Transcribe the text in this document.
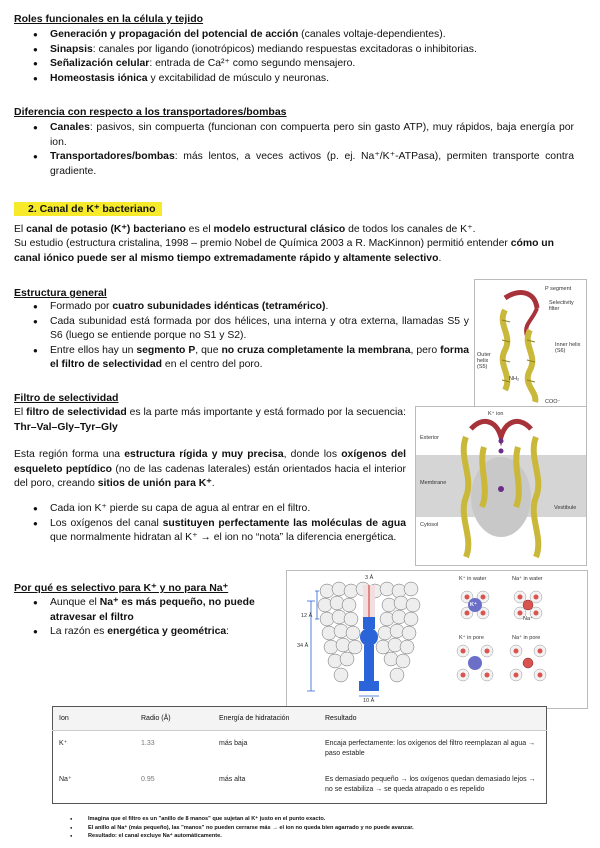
Roles funcionales en la célula y tejido
● Generación y propagación del potencial de acción (canales voltaje-dependientes).
● Sinapsis: canales por ligando (ionotrópicos) mediando respuestas excitadoras o inhibitorias.
● Señalización celular: entrada de Ca²⁺ como segundo mensajero.
● Homeostasis iónica y excitabilidad de músculo y neuronas.
Diferencia con respecto a los transportadores/bombas
● Canales: pasivos, sin compuerta (funcionan con compuerta pero sin gasto ATP), muy rápidos, baja energía por ion.
● Transportadores/bombas: más lentos, a veces activos (p. ej. Na⁺/K⁺-ATPasa), permiten transporte contra gradiente.
2. Canal de K⁺ bacteriano
El canal de potasio (K⁺) bacteriano es el modelo estructural clásico de todos los canales de K⁺.
Su estudio (estructura cristalina, 1998 – premio Nobel de Química 2003 a R. MacKinnon) permitió entender cómo un canal iónico puede ser al mismo tiempo extremadamente rápido y altamente selectivo.
Estructura general
● Formado por cuatro subunidades idénticas (tetramérico).
● Cada subunidad está formada por dos hélices, una interna y otra externa, llamadas S5 y S6 (luego se entiende porque no S1 y S2).
● Entre ellos hay un segmento P, que no cruza completamente la membrana, pero forma el filtro de selectividad en el centro del poro.
P segment
Selectivity filter
Outer helix (S5)
Inner helix (S6)
NH₂
COO⁻
Filtro de selectividad
El filtro de selectividad es la parte más importante y está formado por la secuencia: Thr–Val–Gly–Tyr–Gly
Esta región forma una estructura rígida y muy precisa, donde los oxígenos del esqueleto peptídico (no de las cadenas laterales) están orientados hacia el interior del poro, creando sitios de unión para K⁺.
● Cada ion K⁺ pierde su capa de agua al entrar en el filtro.
● Los oxígenos del canal sustituyen perfectamente las moléculas de agua que normalmente hidratan al K⁺ → el ion no “nota” la diferencia energética.
K⁺ ion
Exterior
Membrane
Vestibule
Cytosol
Por qué es selectivo para K⁺ y no para Na⁺
● Aunque el Na⁺ es más pequeño, no puede atravesar el filtro
● La razón es energética y geométrica:
3 Å
12 Å
34 Å
10 Å
K⁺ in water	Na⁺ in water
K⁺ in pore	Na⁺ in pore
K⁺
Na⁺
Ion	Radio (Å)	Energía de hidratación	Resultado
K⁺	1.33	más baja	Encaja perfectamente: los oxígenos del filtro reemplazan al agua → paso estable
Na⁺	0.95	más alta	Es demasiado pequeño → los oxígenos quedan demasiado lejos → no se estabiliza → se queda atrapado o es repelido
● Imagina que el filtro es un "anillo de 8 manos" que sujetan al K⁺ justo en el punto exacto.
● El anillo al Na⁺ (más pequeño), las "manos" no pueden cerrarse más → el ion no queda bien agarrado y no puede avanzar.
● Resultado: el canal excluye Na⁺ automáticamente.
